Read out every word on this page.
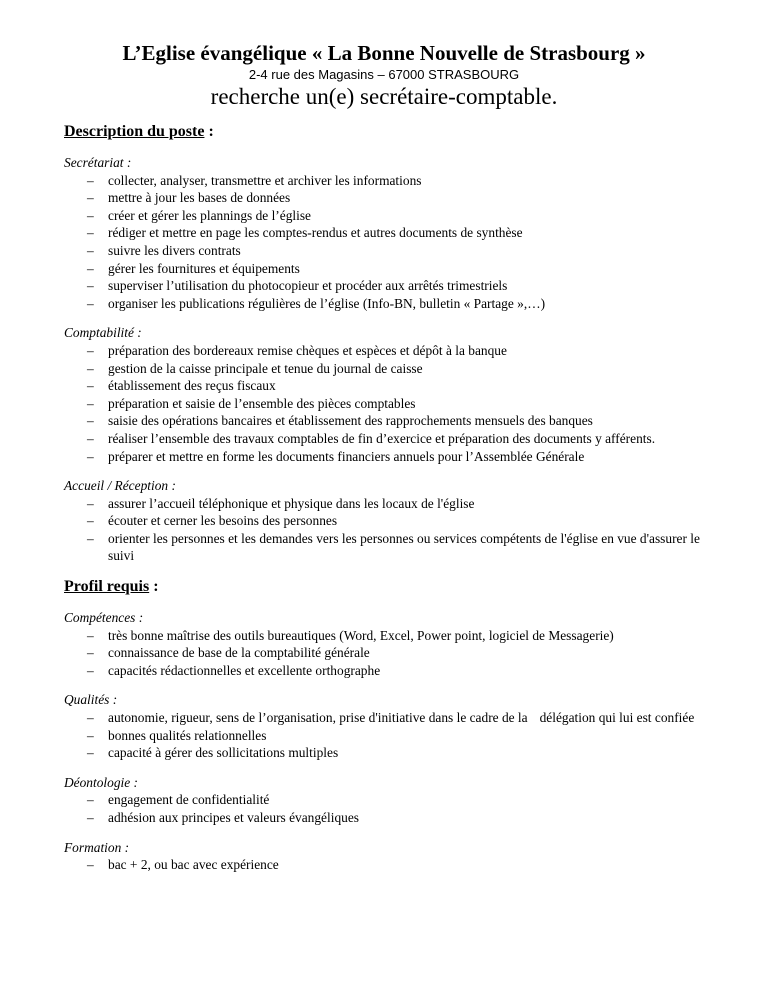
L’Eglise évangélique « La Bonne Nouvelle de Strasbourg »
2-4 rue des Magasins – 67000 STRASBOURG
recherche un(e) secrétaire-comptable.

Description du poste :

Secrétariat :

– collecter, analyser, transmettre et archiver les informations
– mettre à jour les bases de données
– créer et gérer les plannings de l’église
– rédiger et mettre en page les comptes-rendus et autres documents de synthèse
– suivre les divers contrats
– gérer les fournitures et équipements
– superviser l’utilisation du photocopieur et procéder aux arrêtés trimestriels
– organiser les publications régulières de l’église (Info-BN, bulletin « Partage »,…)

Comptabilité :

– préparation des bordereaux remise chèques et espèces et dépôt à la banque
– gestion de la caisse principale et tenue du journal de caisse
– établissement des reçus fiscaux
– préparation et saisie de l’ensemble des pièces comptables
– saisie des opérations bancaires et établissement des rapprochements mensuels des banques
– réaliser l’ensemble des travaux comptables de fin d’exercice et préparation des documents y afférents.
– préparer et mettre en forme les documents financiers annuels pour l’Assemblée Générale

Accueil / Réception :

– assurer l’accueil téléphonique et physique dans les locaux de l'église
– écouter et cerner les besoins des personnes
– orienter les personnes et les demandes vers les personnes ou services compétents de l'église en vue d'assurer le suivi

Profil requis :

Compétences :

– très bonne maîtrise des outils bureautiques (Word, Excel, Power point, logiciel de Messagerie)
– connaissance de base de la comptabilité générale
– capacités rédactionnelles et excellente orthographe

Qualités :

– autonomie, rigueur, sens de l’organisation, prise d'initiative dans le cadre de la délégation qui lui est confiée
– bonnes qualités relationnelles
– capacité à gérer des sollicitations multiples

Déontologie :

– engagement de confidentialité
– adhésion aux principes et valeurs évangéliques

Formation :

– bac + 2, ou bac avec expérience
